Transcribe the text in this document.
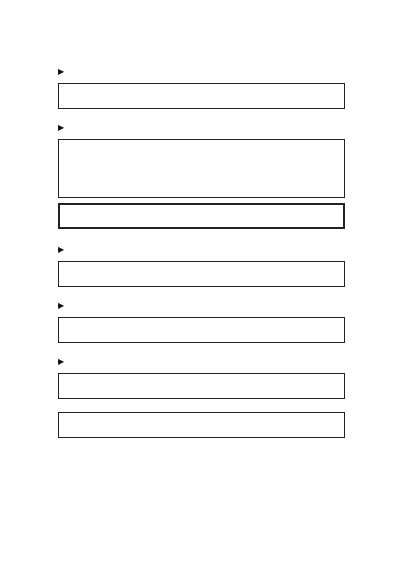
▶
▶
▶
▶
▶
